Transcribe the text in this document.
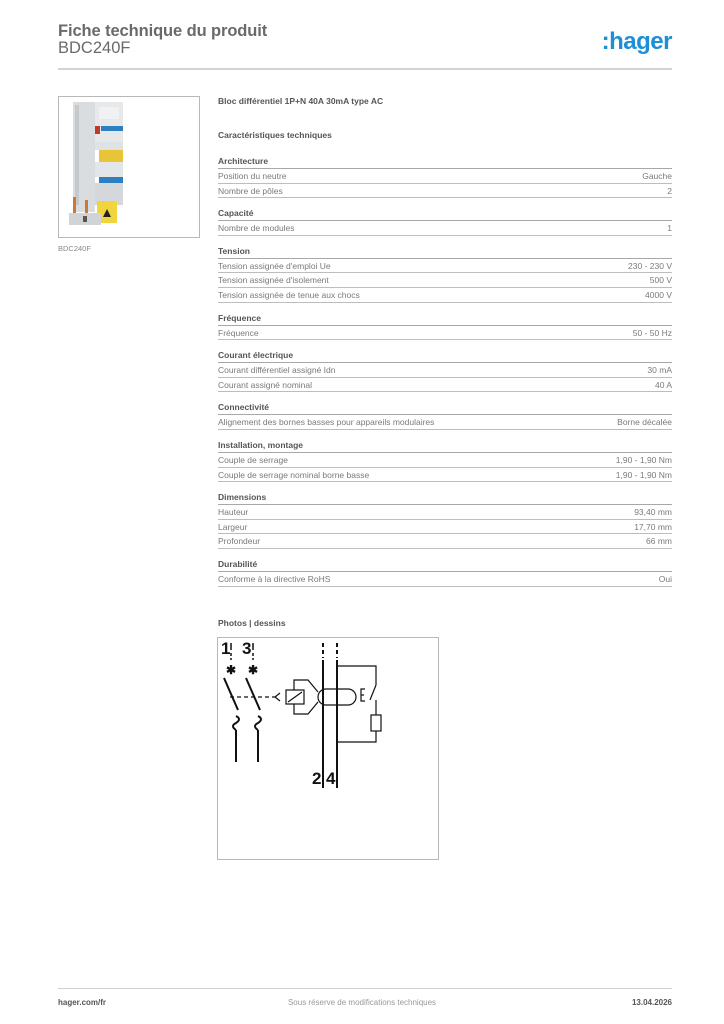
Fiche technique du produit
BDC240F	:hager
BDC240F
Bloc différentiel 1P+N 40A 30mA type AC
Caractéristiques techniques
Architecture
Position du neutre	Gauche
Nombre de pôles	2
Capacité
Nombre de modules	1
Tension
Tension assignée d'emploi Ue	230 - 230 V
Tension assignée d'isolement	500 V
Tension assignée de tenue aux chocs	4000 V
Fréquence
Fréquence	50 - 50 Hz
Courant électrique
Courant différentiel assigné Idn	30 mA
Courant assigné nominal	40 A
Connectivité
Alignement des bornes basses pour appareils modulaires	Borne décalée
Installation, montage
Couple de serrage	1,90 - 1,90 Nm
Couple de serrage nominal borne basse	1,90 - 1,90 Nm
Dimensions
Hauteur	93,40 mm
Largeur	17,70 mm
Profondeur	66 mm
Durabilité
Conforme à la directive RoHS	Oui
Photos | dessins
✱ ✱
1 3
2 4
hager.com/fr	Sous réserve de modifications techniques	13.04.2026
